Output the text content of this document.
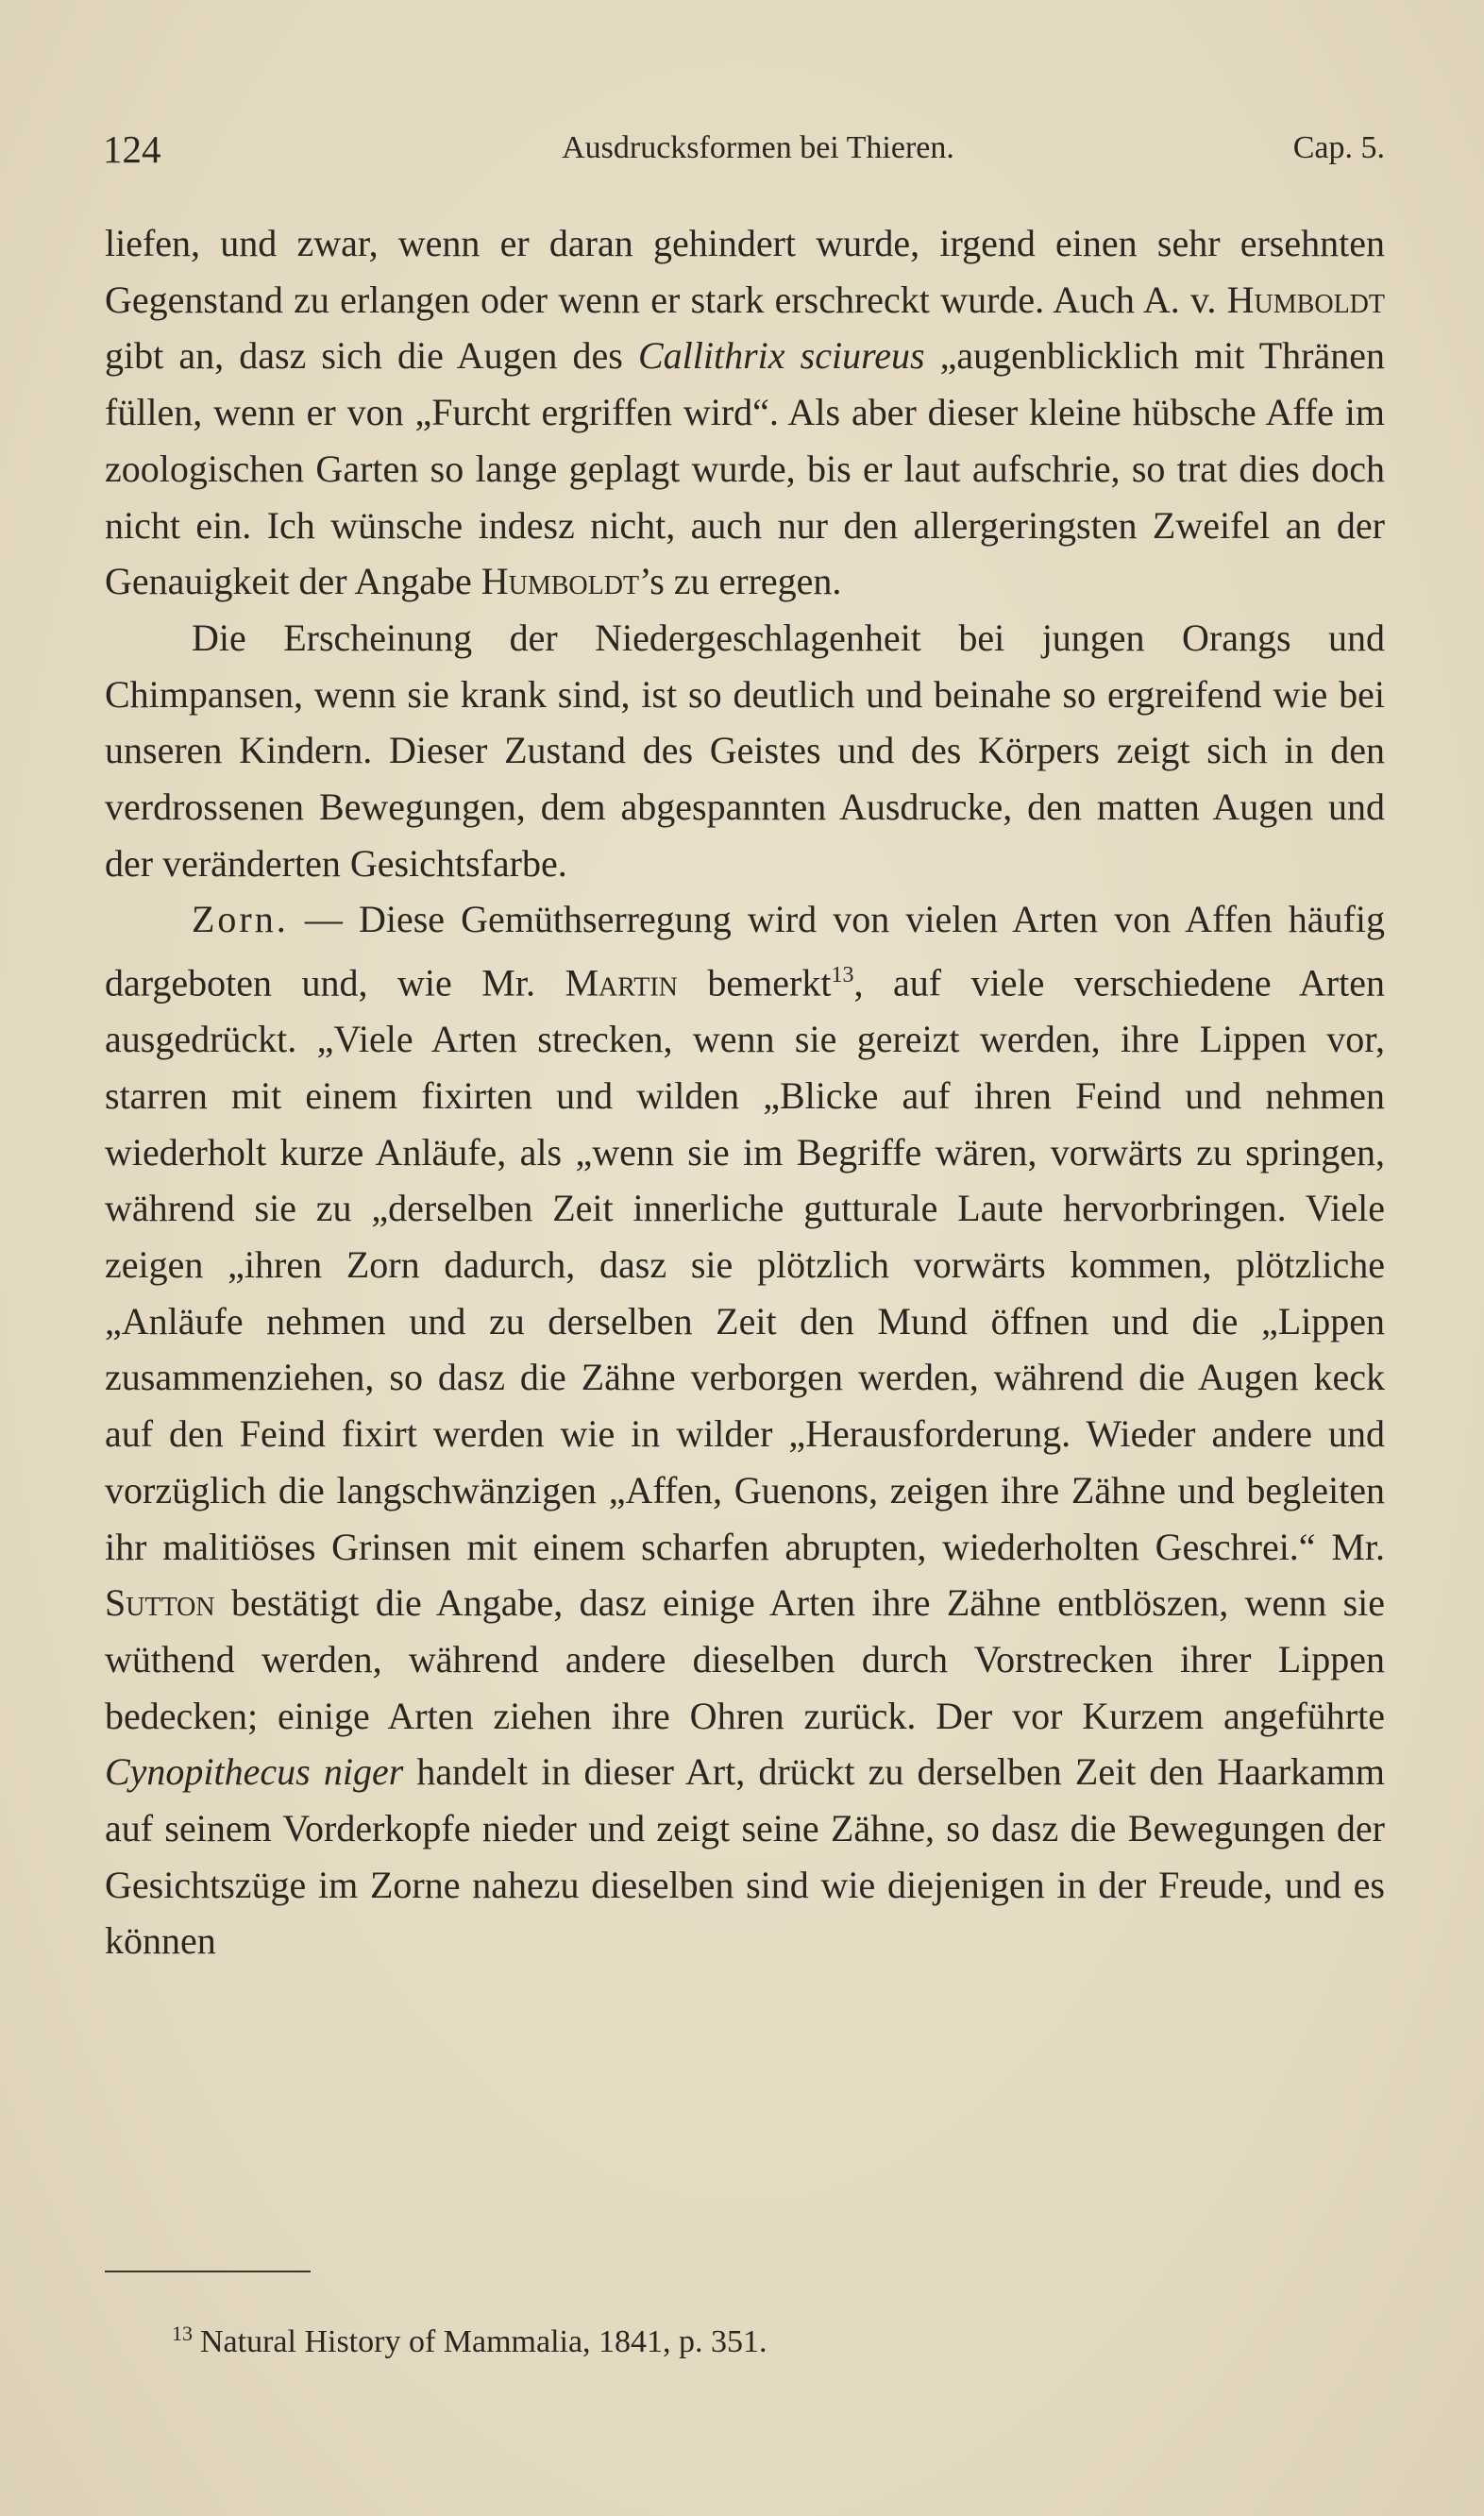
124	Ausdrucksformen bei Thieren.	Cap. 5.

liefen, und zwar, wenn er daran gehindert wurde, irgend einen sehr ersehnten Gegenstand zu erlangen oder wenn er stark erschreckt wurde. Auch A. v. Humboldt gibt an, dasz sich die Augen des Callithrix sciureus „augenblicklich mit Thränen füllen, wenn er von „Furcht ergriffen wird“. Als aber dieser kleine hübsche Affe im zoologischen Garten so lange geplagt wurde, bis er laut aufschrie, so trat dies doch nicht ein. Ich wünsche indesz nicht, auch nur den allergeringsten Zweifel an der Genauigkeit der Angabe Humboldt’s zu erregen.

Die Erscheinung der Niedergeschlagenheit bei jungen Orangs und Chimpansen, wenn sie krank sind, ist so deutlich und beinahe so ergreifend wie bei unseren Kindern. Dieser Zustand des Geistes und des Körpers zeigt sich in den verdrossenen Bewegungen, dem abgespannten Ausdrucke, den matten Augen und der veränderten Gesichtsfarbe.

Zorn. — Diese Gemüthserregung wird von vielen Arten von Affen häufig dargeboten und, wie Mr. Martin bemerkt$^{13}$, auf viele verschiedene Arten ausgedrückt. „Viele Arten strecken, wenn sie gereizt werden, ihre Lippen vor, starren mit einem fixirten und wilden „Blicke auf ihren Feind und nehmen wiederholt kurze Anläufe, als „wenn sie im Begriffe wären, vorwärts zu springen, während sie zu „derselben Zeit innerliche gutturale Laute hervorbringen. Viele zeigen „ihren Zorn dadurch, dasz sie plötzlich vorwärts kommen, plötzliche „Anläufe nehmen und zu derselben Zeit den Mund öffnen und die „Lippen zusammenziehen, so dasz die Zähne verborgen werden, während die Augen keck auf den Feind fixirt werden wie in wilder „Herausforderung. Wieder andere und vorzüglich die langschwänzigen „Affen, Guenons, zeigen ihre Zähne und begleiten ihr malitiöses Grinsen mit einem scharfen abrupten, wiederholten Geschrei.“ Mr. Sutton bestätigt die Angabe, dasz einige Arten ihre Zähne entblöszen, wenn sie wüthend werden, während andere dieselben durch Vorstrecken ihrer Lippen bedecken; einige Arten ziehen ihre Ohren zurück. Der vor Kurzem angeführte Cynopithecus niger handelt in dieser Art, drückt zu derselben Zeit den Haarkamm auf seinem Vorderkopfe nieder und zeigt seine Zähne, so dasz die Bewegungen der Gesichtszüge im Zorne nahezu dieselben sind wie diejenigen in der Freude, und es können

$^{13}$ Natural History of Mammalia, 1841, p. 351.
